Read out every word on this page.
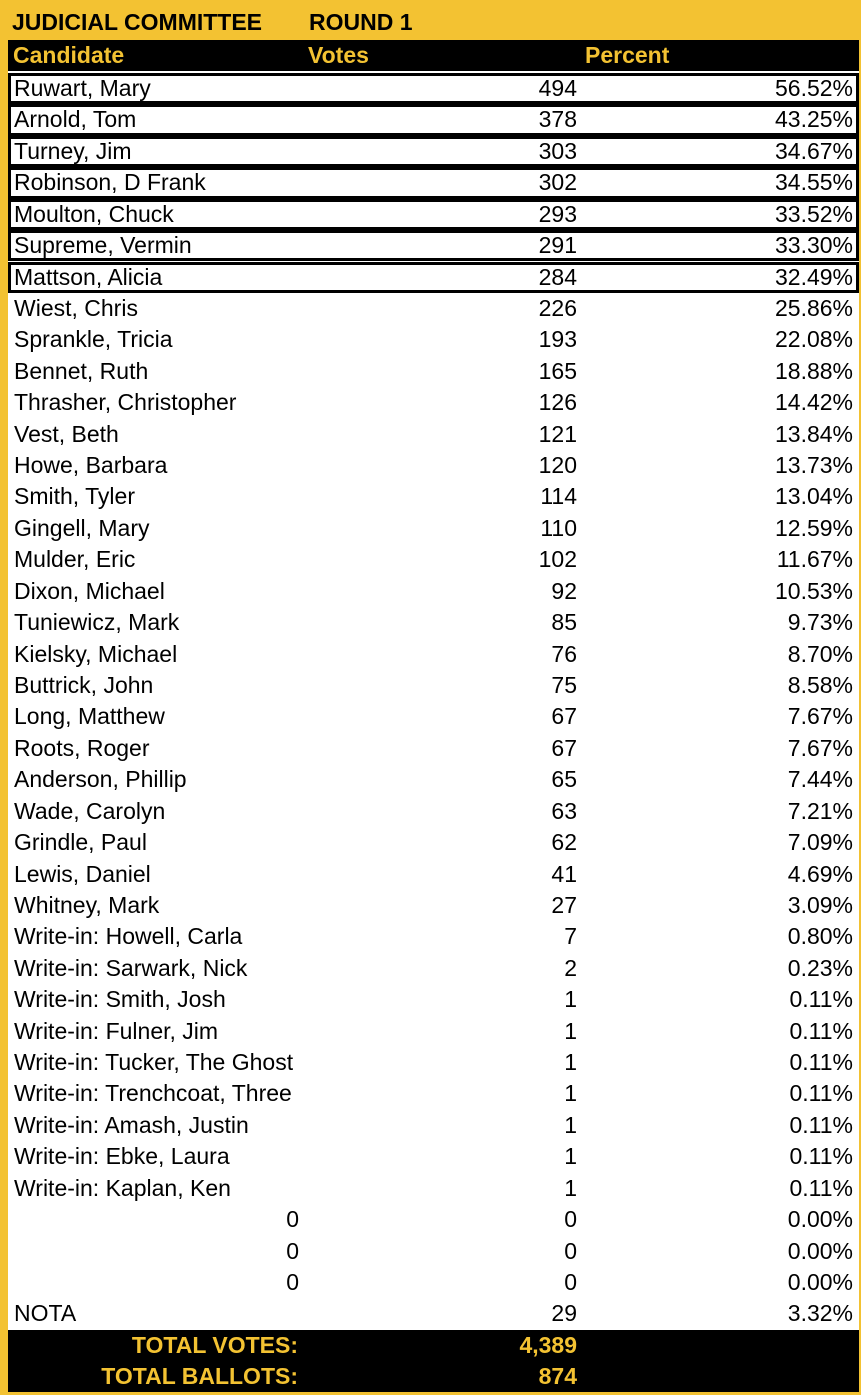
JUDICIAL COMMITTEE ROUND 1
Candidate	Votes	Percent
Ruwart, Mary	494	56.52%
Arnold, Tom	378	43.25%
Turney, Jim	303	34.67%
Robinson, D Frank	302	34.55%
Moulton, Chuck	293	33.52%
Supreme, Vermin	291	33.30%
Mattson, Alicia	284	32.49%
Wiest, Chris	226	25.86%
Sprankle, Tricia	193	22.08%
Bennet, Ruth	165	18.88%
Thrasher, Christopher	126	14.42%
Vest, Beth	121	13.84%
Howe, Barbara	120	13.73%
Smith, Tyler	114	13.04%
Gingell, Mary	110	12.59%
Mulder, Eric	102	11.67%
Dixon, Michael	92	10.53%
Tuniewicz, Mark	85	9.73%
Kielsky, Michael	76	8.70%
Buttrick, John	75	8.58%
Long, Matthew	67	7.67%
Roots, Roger	67	7.67%
Anderson, Phillip	65	7.44%
Wade, Carolyn	63	7.21%
Grindle, Paul	62	7.09%
Lewis, Daniel	41	4.69%
Whitney, Mark	27	3.09%
Write-in: Howell, Carla	7	0.80%
Write-in: Sarwark, Nick	2	0.23%
Write-in: Smith, Josh	1	0.11%
Write-in: Fulner, Jim	1	0.11%
Write-in: Tucker, The Ghost	1	0.11%
Write-in: Trenchcoat, Three	1	0.11%
Write-in: Amash, Justin	1	0.11%
Write-in: Ebke, Laura	1	0.11%
Write-in: Kaplan, Ken	1	0.11%
0	0	0.00%
0	0	0.00%
0	0	0.00%
NOTA	29	3.32%
TOTAL VOTES:	4,389
TOTAL BALLOTS:	874
